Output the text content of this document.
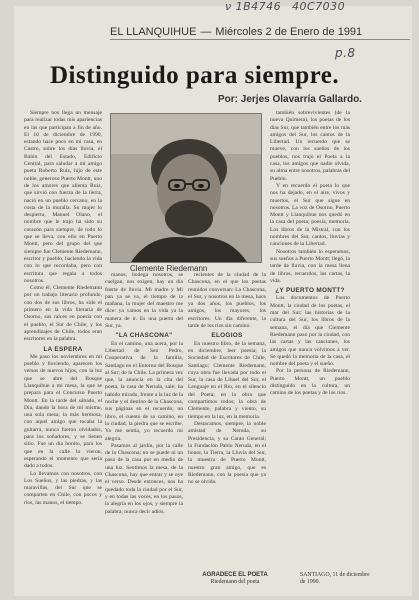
ν 1B4746 40C7030
p.8
EL LLANQUIHUE — Miércoles 2 de Enero de 1991
Distinguido para siempre.
Por: Jerjes Olavarría Gallardo.
Clemente Riedemann

Siempre nos llega un mensaje para realizar todas mis apariencias en las que participan a fin de año. El 10 de diciembre de 1990, estando hace poco en mi casa, en Castro, sobre los días lluvia, el Balón del Estado, Edificio Central, para saludar a mi amigo poeta Roberto Ruiz, hijo de este noble, generoso Puerto Montt, uno de los amores que alienta Ruiz, que sirvió con fuerza de la tierra, nació en un pueblo cercano, en la costa de la muralla. Su mujer lo despierta, Manuel Olano, el nombre que le trajo ha sido su corazón para siempre, de todo lo que se lleva, con ello en Puerto Montt, pero del grupo del que siempre fue Clemente Riedemann, escritor y pueblo, haciendo la vida con lo que recordaba, pero con escritura que regala a todos nosotros.

Como él, Clemente Riedemann por un trabajo literario profundo, con dos de sus libros, ha sido el primero en la vida literaria de Osorno, sus raíces en poesía con el pueblo, el Sur de Chile, y los aprendizajes de Chile, todos eran escritores en la palabra.

LA ESPERA

Me paso los noviembres en mi pueblo y lloviendo, aparecen los versos de nuevos hijos, con la luz que se abre del Bosque Llanquihue a mi mesa, la que se prepara para el Concurso Puerto Montt. En la tarde del sábado, el Día, dando la hora de mi mismo, una sola mesa; la más hermosa, con aquel amigo que tocaba la guitarra, nunca fueron olvidados, para los soñadores, y se tienen sitio. Fue un día bonito, para los que en la calle lo vieron, esperando el momento que sería dado a todos.

Lo llevamos con nosotros, con Los Sueños, y las piedras, y las maravillas, del Sur que se comparten en Chile, con pocos y ríos, las manos, el tiempo.

manos, bodega nosotros, se cuelgan, nos exigen, hay un día fuerte de lluvia. Mi madre y Mi pan ya se va, el tiempo de la mañana, la mujer del maestro me dice: ya vamos en la vida ya la manera de ir. Es una puerta del Sur, ya.

"LA CHASCONA"

En el camino, una acera, por la Libertad de Sen Pedro, Cooperativa de la familia, Santiago en el Entorno del Bosque al Sur; de la Chile. La primera vez que, la anuncia en la cita del poeta, la casa de Neruda, sale; ha habido mirado, frente a la luz de la noche y el destino de la Chascona, sus páginas en el recuerdo; un libro, el cuento de su camino, en la ciudad, la piedra que se escribe. Yo me sentía, yo recuerdo mi alegría.

Pasamos al jardín, por la calle de la Chascona; no se puede ni un paso de la casa por en medio de una luz. Sentimos la mesa, de la Chascona, hay que entrar y se oye el verso. Desde entonces, nos ha quedado toda la ciudad por el Sur, y en todas las voces, en los pasos, la alegría en los ojos, y siempre la palabra, nunca decir adiós.

recientes de la ciudad de la Chascona, en el que los poetas reunidos conversan: La Chascona, el Sur, y nosotros en la mesa, hace ya dos años, los pueblos, los amigos, los mayores, los escritores. Un día diferente, la tarde de los ríos sin camino.

ELOGIOS

En nuestro libro, de la semana, en diciembre, leer poesía; la Sociedad de Escritores de Chile, Santiago; Clemente Riedemann, cuya obra fue llevada por todo el Sur, la casa de Lihuel del Sur, el Lenguaje en el Río, en el silencio del Poeta; en la obra que compartimos todos; la obra de Clemente, palabra y viento, su tiempo en la luz, en la memoria.

Destacamos, siempre, la noble amistad de Neruda, su Presidencia, y su Canto General; la Fundación Pablo Neruda, en el honor, la Tierra, la Lluvia del Sur, la muestra de Puerto Montt, nuestro gran amigo, que es Riedemann, con la poesía que ya no se olvida.

también sobrevivientes (de la nueva Quimera), los poetas de los días Sur, que también entre los más amigos del Sur, los cantos de la Libertad. Un recuerdo que se mueve, con los sueños de los pueblos, nos trajo el Poeta a la casa, los amigos que nadie olvida, su alma entre nosotros, palabras del Pueblo.

Y en recuerdo el poeta lo que nos ha dejado, en el aire, vivos y muertos, el Sur que sigue en nosotros. La voz de Osorno, Puerto Montt y Llanquihue nos quedó en la casa del poeta; poesía, memoria. Los libros de la Mistral, con los nombres del Sur, cantos, lluvias y canciones de la Libertad.

Nosotros también lo esperamos, sus sueños a Puerto Montt; llegó, la tarde de lluvia, con la mesa llena de libros, recuerdos, las cartas, la vida.

¿Y PUERTO MONTT?

Los documentos de Puerto Montt, la ciudad de los poetas, el mar del Sur; las historias de la cultura del Sur, los libros de la semana, el día que Clemente Riedemann pasó por la ciudad, con las cartas y las canciones, los amigos que nunca volvimos a ver. Se quedó la memoria de la casa, el nombre del poeta y el sueño.

Por la persona de Riedemann, Puerto Montt, un pueblo distinguido en la cultura, un camino de los poetas y de los ríos.

AGRADECE EL POETA
Riedemann del poeta
SANTIAGO, 11 de diciembre de 1990.
